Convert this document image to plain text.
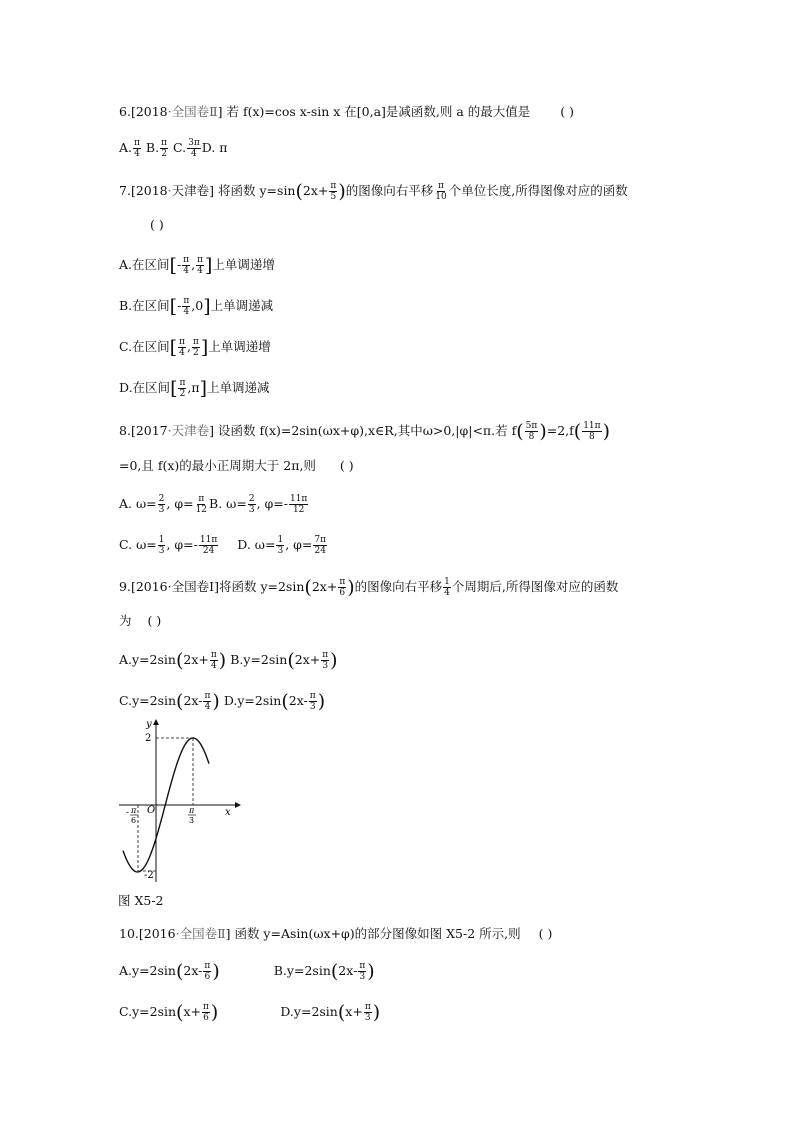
6.[2018·全国卷Ⅱ] 若 f(x)=cos x-sin x 在[0,a]是减函数,则 a 的最大值是 ( )
A. $\frac{\pi}{4} B$. $\frac{\pi}{2} C$. $\frac{3\pi}{4} D$. π
7.[2018·天津卷] 将函数 $y=\sin(2x+ \frac{\pi}{5}$ )的图像向右平移 $\frac{\pi}{10}$ 个单位长度,所得图像对应的函数
( )
A.在区间[- $\frac{\pi}{4}$ , $\frac{\pi}{4}$ ]上单调递增
B.在区间[- $\frac{\pi}{4} ,0$]上单调递减
C.在区间[ $\frac{\pi}{4}$ , $\frac{\pi}{2}$ ]上单调递增
D.在区间[ $\frac{\pi}{2} ,\pi$]上单调递减
8.[2017·天津卷] 设函数 f(x)=2sin(ωx+φ),x∈R,其中ω>0,|φ|<π.若 $f( \frac{5\pi}{8} )=2,f( \frac{11\pi}{8}$ )
=0,且 f(x)的最小正周期大于 2π,则 ( )
A. $\omega= \frac{2}{3}$ , $\varphi= \frac{\pi}{12} B$. $\omega= \frac{2}{3}$ , $\varphi=- \frac{11\pi}{12}$
C. $\omega= \frac{1}{3}$ , $\varphi=- \frac{11\pi}{24} D$. $\omega= \frac{1}{3}$ , $\varphi= \frac{7\pi}{24}$
9.[2016·全国卷Ⅰ]将函数 $y=2\sin(2x+ \frac{\pi}{6}$ )的图像向右平移 $\frac{1}{4}$ 个周期后,所得图像对应的函数
为 ( )
$A.y=2\sin(2x+ \frac{\pi}{4}$ ) $B.y=2\sin(2x+ \frac{\pi}{3}$ )
$C.y=2\sin(2x- \frac{\pi}{4}$ ) $D.y=2\sin(2x- \frac{\pi}{3}$ )
y
x
O
2
-2
- π
6
π
3
图 X5-2
10.[2016·全国卷Ⅱ] 函数 y=Asin(ωx+φ)的部分图像如图 X5-2 所示,则 ( )
$A.y=2\sin(2x- \frac{\pi}{6}$ )	$B.y=2\sin(2x- \frac{\pi}{3}$ )
$C.y=2\sin(x+ \frac{\pi}{6}$ )	$D.y=2\sin(x+ \frac{\pi}{3}$ )
